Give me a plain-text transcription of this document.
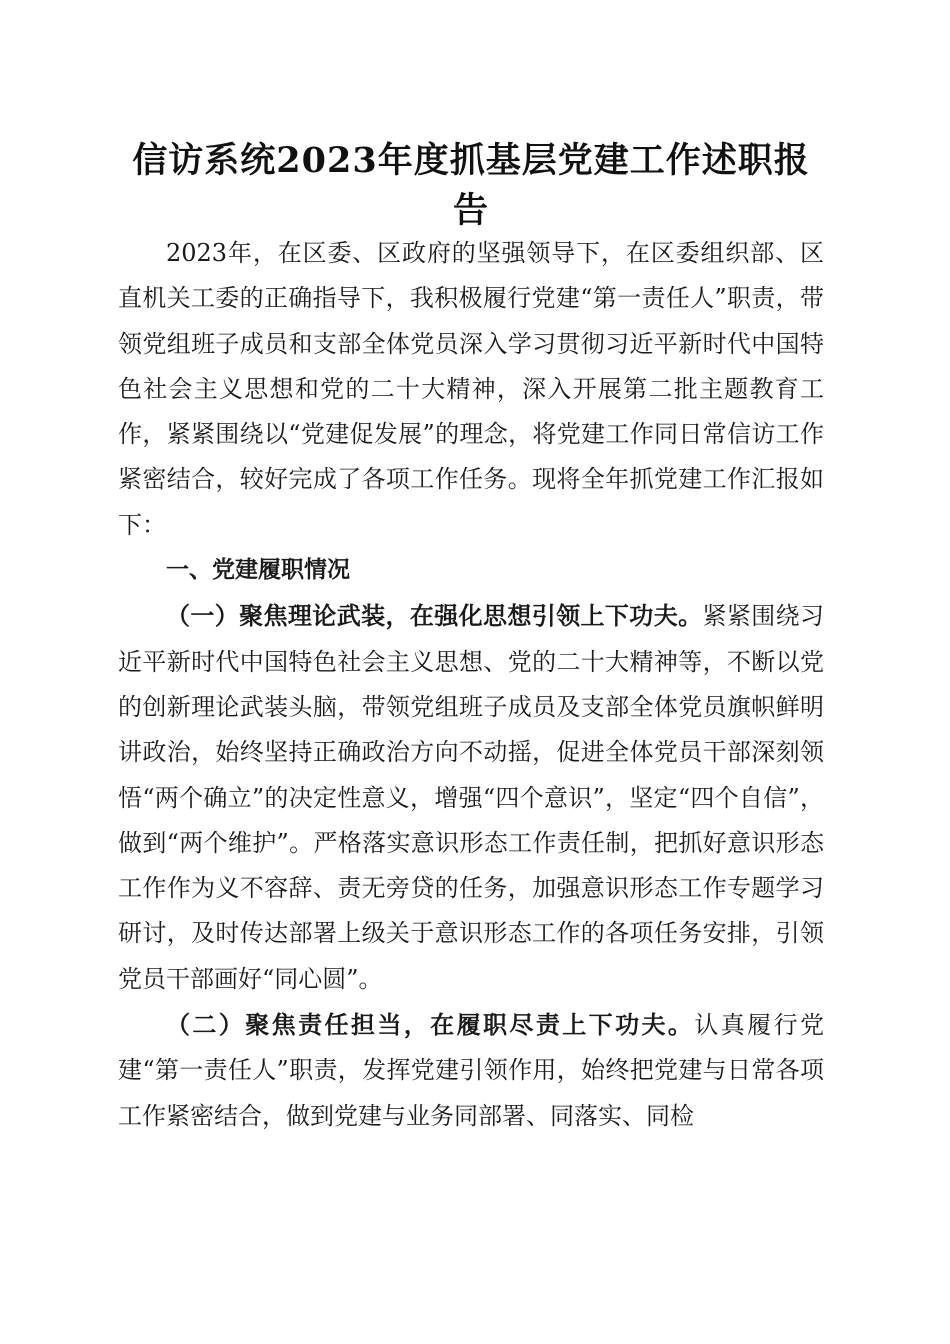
信访系统2023年度抓基层党建工作述职报告

2023年，在区委、区政府的坚强领导下，在区委组织部、区直机关工委的正确指导下，我积极履行党建“第一责任人”职责，带领党组班子成员和支部全体党员深入学习贯彻习近平新时代中国特色社会主义思想和党的二十大精神，深入开展第二批主题教育工作，紧紧围绕以“党建促发展”的理念，将党建工作同日常信访工作紧密结合，较好完成了各项工作任务。现将全年抓党建工作汇报如下：

一、党建履职情况

（一）聚焦理论武装，在强化思想引领上下功夫。紧紧围绕习近平新时代中国特色社会主义思想、党的二十大精神等，不断以党的创新理论武装头脑，带领党组班子成员及支部全体党员旗帜鲜明讲政治，始终坚持正确政治方向不动摇，促进全体党员干部深刻领悟“两个确立”的决定性意义，增强“四个意识”，坚定“四个自信”，做到“两个维护”。严格落实意识形态工作责任制，把抓好意识形态工作作为义不容辞、责无旁贷的任务，加强意识形态工作专题学习研讨，及时传达部署上级关于意识形态工作的各项任务安排，引领党员干部画好“同心圆”。

（二）聚焦责任担当，在履职尽责上下功夫。认真履行党建“第一责任人”职责，发挥党建引领作用，始终把党建与日常各项工作紧密结合，做到党建与业务同部署、同落实、同检
